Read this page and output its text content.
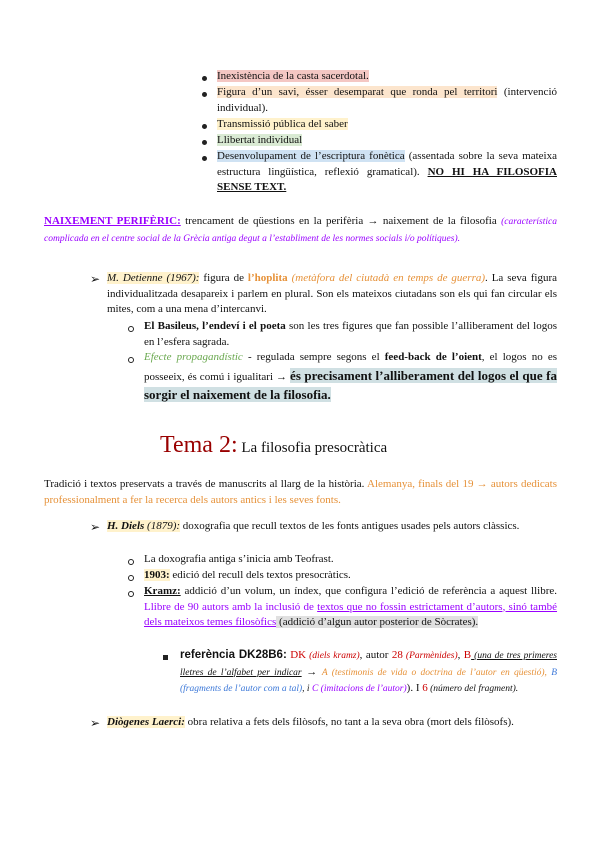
Inexistència de la casta sacerdotal.
Figura d’un savi, ésser desemparat que ronda pel territori (intervenció individual).
Transmissió pública del saber
Llibertat individual
Desenvolupament de l’escriptura fonètica (assentada sobre la seva mateixa estructura lingüística, reflexió gramatical). NO HI HA FILOSOFIA SENSE TEXT.
NAIXEMENT PERIFÈRIC: trencament de qüestions en la perifèria → naixement de la filosofia (característica complicada en el centre social de la Grècia antiga degut a l’establiment de les normes socials i/o polítiques).
➢ M. Detienne (1967): figura de l’hoplita (metàfora del ciutadà en temps de guerra). La seva figura individualitzada desapareix i parlem en plural. Son els mateixos ciutadans son els qui fan circular els mites, com a una mena d’intercanvi.
El Basileus, l’endeví i el poeta son les tres figures que fan possible l’alliberament del logos en l’esfera sagrada.
Efecte propagandístic - regulada sempre segons el feed-back de l’oient, el logos no es posseeix, és comú i igualitari → és precisament l’alliberament del logos el que fa sorgir el naixement de la filosofia.
Tema 2: La filosofia presocràtica
Tradició i textos preservats a través de manuscrits al llarg de la història. Alemanya, finals del 19 → autors dedicats professionalment a fer la recerca dels autors antics i les seves fonts.
➢ H. Diels (1879): doxografia que recull textos de les fonts antigues usades pels autors clàssics.
La doxografia antiga s’inicia amb Teofrast.
1903: edició del recull dels textos presocràtics.
Kramz: addició d’un volum, un índex, que configura l’edició de referència a aquest llibre. Llibre de 90 autors amb la inclusió de textos que no fossin estrictament d’autors, sinó també dels mateixos temes filosòfics (addició d’algun autor posterior de Sòcrates).
referència DK28B6: DK (diels kramz), autor 28 (Parmènides), B (una de tres primeres lletres de l’alfabet per indicar → A (testimonis de vida o doctrina de l’autor en qüestió), B (fragments de l’autor com a tal), i C (imitacions de l’autor)). I 6 (número del fragment).
➢ Diògenes Laerci: obra relativa a fets dels filòsofs, no tant a la seva obra (mort dels filòsofs).
